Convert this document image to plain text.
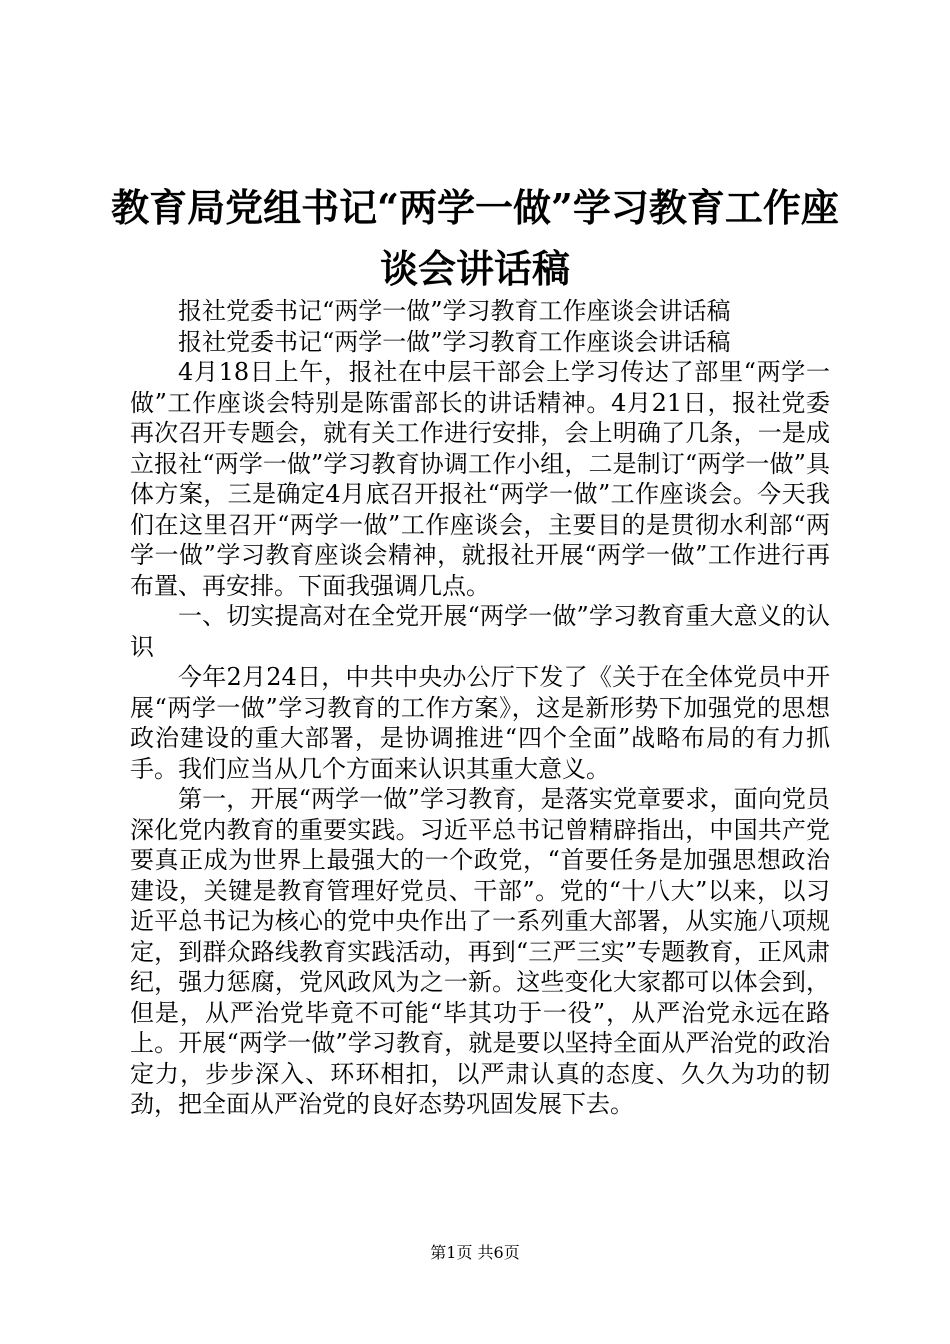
教育局党组书记“两学一做”学习教育工作座
谈会讲话稿

报社党委书记“两学一做”学习教育工作座谈会讲话稿

报社党委书记“两学一做”学习教育工作座谈会讲话稿

4月18日上午，报社在中层干部会上学习传达了部里“两学一做”工作座谈会特别是陈雷部长的讲话精神。4月21日，报社党委再次召开专题会，就有关工作进行安排，会上明确了几条，一是成立报社“两学一做”学习教育协调工作小组，二是制订“两学一做”具体方案，三是确定4月底召开报社“两学一做”工作座谈会。今天我们在这里召开“两学一做”工作座谈会，主要目的是贯彻水利部“两学一做”学习教育座谈会精神，就报社开展“两学一做”工作进行再布置、再安排。下面我强调几点。

一、切实提高对在全党开展“两学一做”学习教育重大意义的认识

今年2月24日，中共中央办公厅下发了《关于在全体党员中开展“两学一做”学习教育的工作方案》，这是新形势下加强党的思想政治建设的重大部署，是协调推进“四个全面”战略布局的有力抓手。我们应当从几个方面来认识其重大意义。

第一，开展“两学一做”学习教育，是落实党章要求，面向党员深化党内教育的重要实践。习近平总书记曾精辟指出，中国共产党要真正成为世界上最强大的一个政党，“首要任务是加强思想政治建设，关键是教育管理好党员、干部”。党的“十八大”以来，以习近平总书记为核心的党中央作出了一系列重大部署，从实施八项规定，到群众路线教育实践活动，再到“三严三实”专题教育，正风肃纪，强力惩腐，党风政风为之一新。这些变化大家都可以体会到，但是，从严治党毕竟不可能“毕其功于一役”，从严治党永远在路上。开展“两学一做”学习教育，就是要以坚持全面从严治党的政治定力，步步深入、环环相扣，以严肃认真的态度、久久为功的韧劲，把全面从严治党的良好态势巩固发展下去。

第1页 共6页
